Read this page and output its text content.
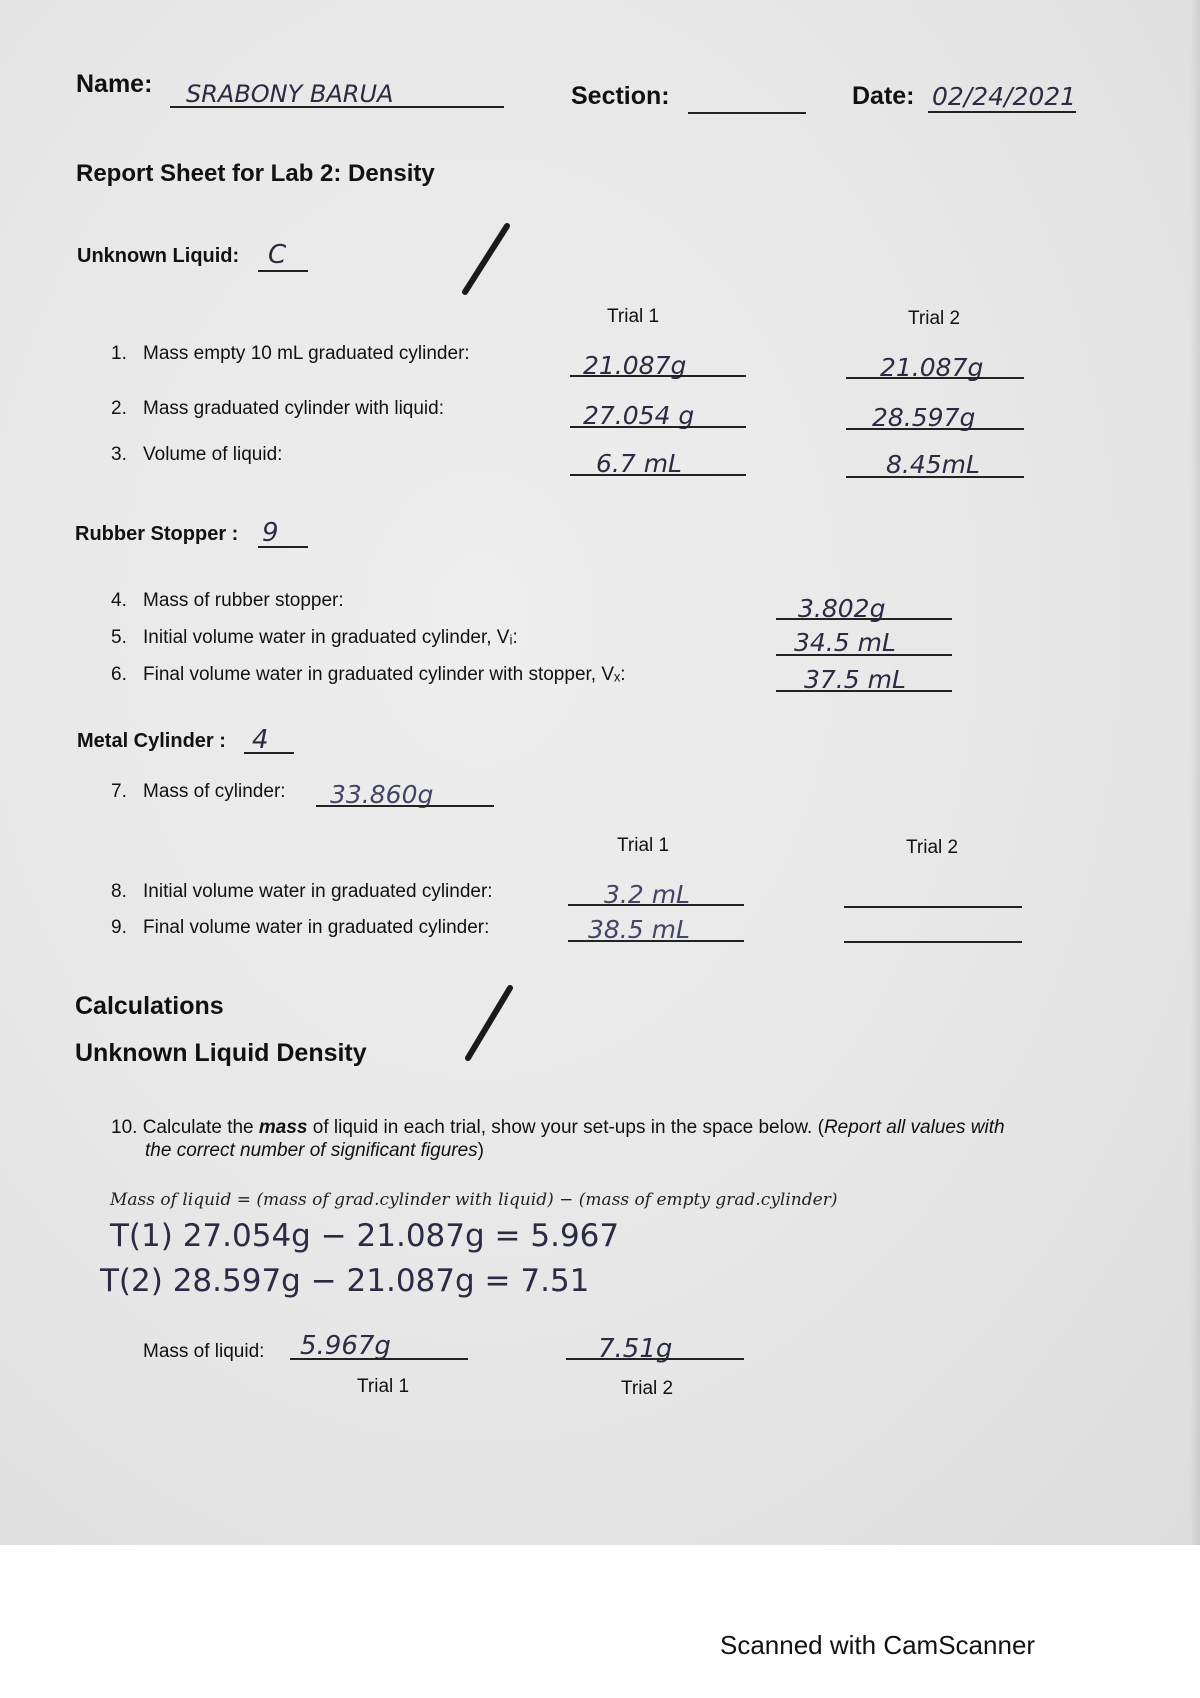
Name: SRABONY BARUA	Section:	Date: 02/24/2021
Report Sheet for Lab 2: Density
Unknown Liquid: C
Trial 1	Trial 2
1. Mass empty 10 mL graduated cylinder:	21.087g	21.087g
2. Mass graduated cylinder with liquid:	27.054 g	28.597g
3. Volume of liquid:	6.7 mL	8.45mL
Rubber Stopper : 9
4. Mass of rubber stopper:	3.802g
5. Initial volume water in graduated cylinder, Vᵢ:	34.5 mL
6. Final volume water in graduated cylinder with stopper, Vₓ:	37.5 mL
Metal Cylinder : 4
7. Mass of cylinder: 33.860g
Trial 1	Trial 2
8. Initial volume water in graduated cylinder:	3.2 mL
9. Final volume water in graduated cylinder:	38.5 mL
Calculations
Unknown Liquid Density
10. Calculate the mass of liquid in each trial, show your set-ups in the space below. (Report all values with
the correct number of significant figures)
Mass of liquid = (mass of grad.cylinder with liquid) − (mass of empty grad.cylinder)
T(1) 27.054g − 21.087g = 5.967
T(2) 28.597g − 21.087g = 7.51
Mass of liquid: 5.967g	7.51g
Trial 1	Trial 2
Scanned with CamScanner
